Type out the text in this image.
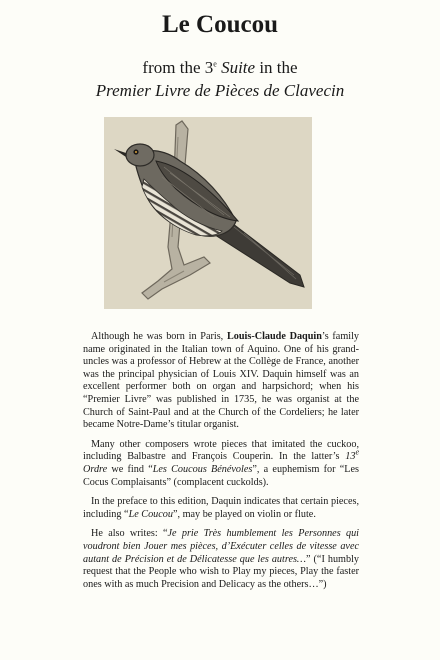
Le Coucou
from the 3e Suite in the
Premier Livre de Pièces de Clavecin

Although he was born in Paris, Louis-Claude Daquin’s family name originated in the Italian town of Aquino. One of his grand-uncles was a professor of Hebrew at the Collège de France, another was the principal physician of Louis XIV. Daquin himself was an excellent performer both on organ and harpsichord; when his “Premier Livre” was published in 1735, he was organist at the Church of Saint-Paul and at the Church of the Cordeliers; he later became Notre-Dame’s titular organist.

Many other composers wrote pieces that imitated the cuckoo, including Balbastre and François Couperin. In the latter’s 13e Ordre we find “Les Coucous Bénévoles”, a euphemism for “Les Cocus Complaisants” (complacent cuckolds).

In the preface to this edition, Daquin indicates that certain pieces, including “Le Coucou”, may be played on violin or flute.

He also writes: “Je prie Très humblement les Personnes qui voudront bien Jouer mes pièces, d’Exécuter celles de vitesse avec autant de Précision et de Délicatesse que les autres…” (“I humbly request that the People who wish to Play my pieces, Play the faster ones with as much Precision and Delicacy as the others…”)
